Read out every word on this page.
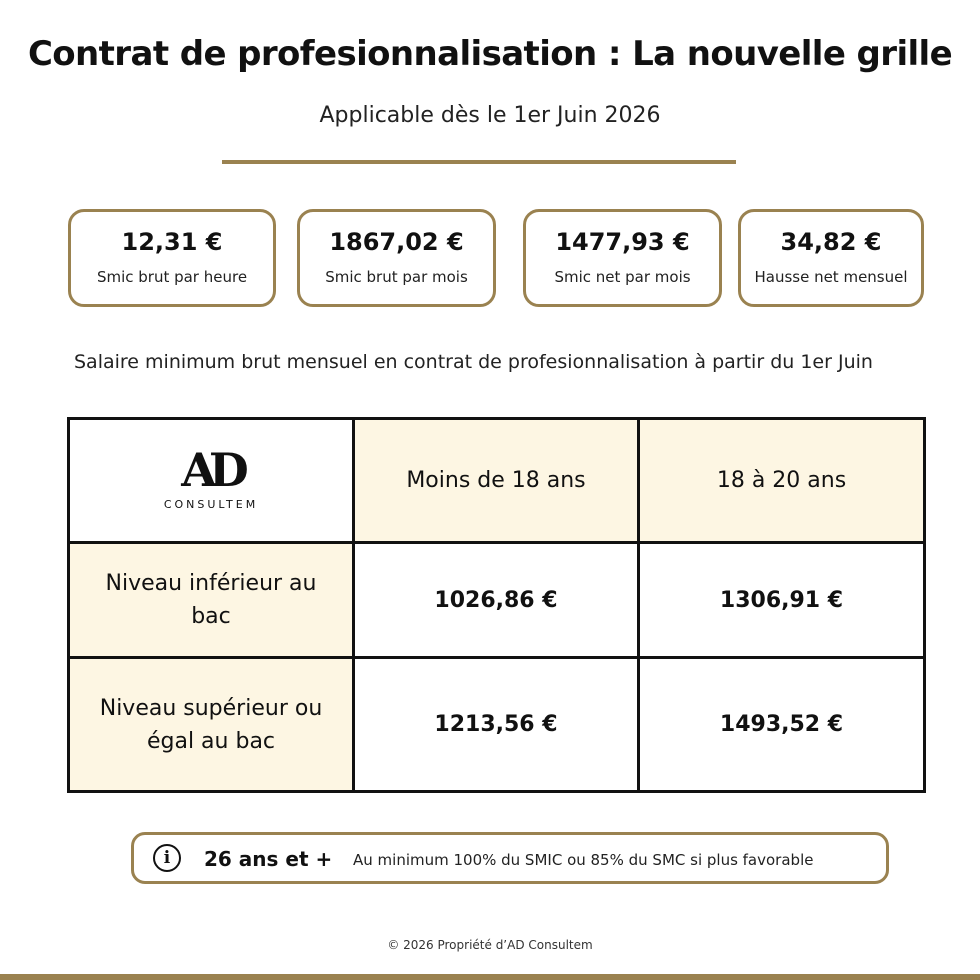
Contrat de profesionnalisation : La nouvelle grille
Applicable dès le 1er Juin 2026
12,31 €
Smic brut par heure
1867,02 €
Smic brut par mois
1477,93 €
Smic net par mois
34,82 €
Hausse net mensuel
Salaire minimum brut mensuel en contrat de profesionnalisation à partir du 1er Juin
AD
CONSULTEM	Moins de 18 ans	18 à 20 ans
Niveau inférieur au bac	1026,86 €	1306,91 €
Niveau supérieur ou égal au bac	1213,56 €	1493,52 €
i	26 ans et + Au minimum 100% du SMIC ou 85% du SMC si plus favorable
© 2026 Propriété d’AD Consultem
